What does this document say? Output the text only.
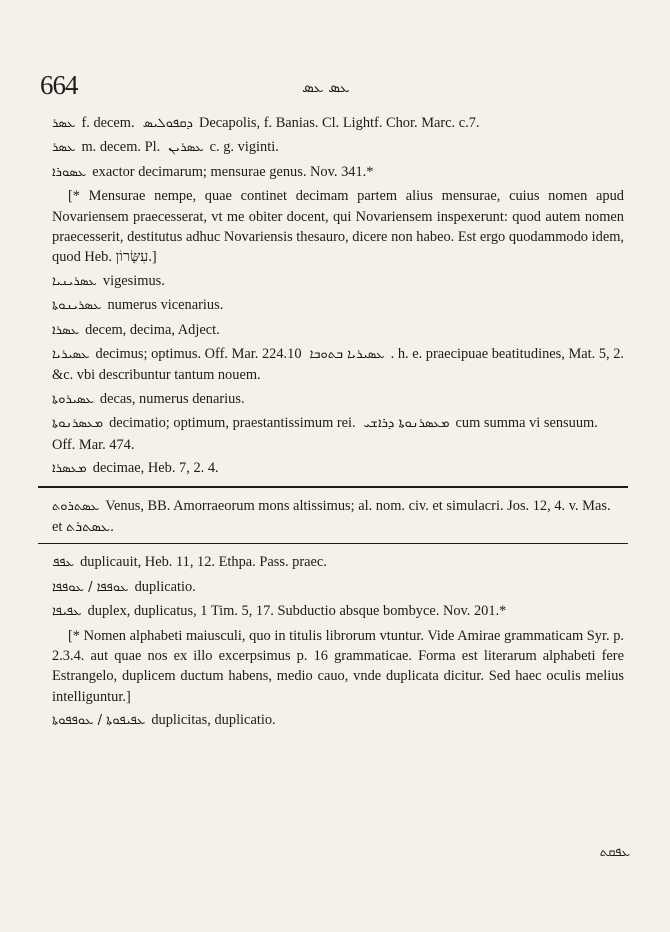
664	ܥܣ ܥܣ
ܥܣܪ f. decem. ܕܩܦܘܠܝܣ Decapolis, f. Banias. Cl. Lightf. Chor. Marc. c.7.
ܥܣܪ m. decem. Pl. ܥܣܪܝܢ c. g. viginti.
ܥܣܘܪܐ exactor decimarum; mensurae genus. Nov. 341.*
[* Mensurae nempe, quae continet decimam partem alius mensurae, cuius nomen apud Novariensem praecesserat, vt me obiter docent, qui Novariensem inspexerunt: quod autem nomen praecesserit, destitutus adhuc Novariensis thesauro, dicere non habeo. Est ergo quodammodo idem, quod Heb. עִשָּׂרוֹן.]
ܥܣܪܝܢܝܐ vigesimus.
ܥܣܪܝܢܘܬܐ numerus vicenarius.
ܥܣܪܐ decem, decima, Adject.
ܥܣܝܪܝܐ decimus; optimus. Off. Mar. 224. ܥܣܝܪܝܐ ܒܬܘܒܐ10. h. e. praecipuae beatitudines, Mat. 5, 2. &c. vbi describuntur tantum nouem.
ܥܣܝܪܘܬܐ decas, numerus denarius.
ܡܥܣܪܢܘܬܐ decimatio; optimum, praestantissimum rei. ܡܥܣܪܢܘܬܐ ܕܪܐܫܝ cum summa vi sensuum. Off. Mar. 474.
ܡܥܣܪܐ decimae, Heb. 7, 2. 4.
ܥܣܬܪܘܬ Venus, BB. Amorraeorum mons altissimus; al. nom. civ. et simulacri. Jos. 12, 4. v. Mas. et ܥܣܬܪܬ.
ܥܦܦ duplicauit, Heb. 11, 12. Ethpa. Pass. praec.
ܥܘܦܦܐ / ܥܘܦܦܐ duplicatio.
ܥܦܝܦܐ duplex, duplicatus, 1 Tim. 5, 17. Subductio absque bombyce. Nov. 201.*
[* Nomen alphabeti maiusculi, quo in titulis librorum vtuntur. Vide Amirae grammaticam Syr. p. 2.3.4. aut quae nos ex illo excerpsimus p. 16 grammaticae. Forma est literarum alphabeti fere Estrangelo, duplicem ductum habens, medio cauo, vnde duplicata dicitur. Sed haec oculis melius intelliguntur.]
ܥܦܝܦܘܬܐ / ܥܘܦܦܘܬܐ duplicitas, duplicatio.
ܥܦܩܬ
